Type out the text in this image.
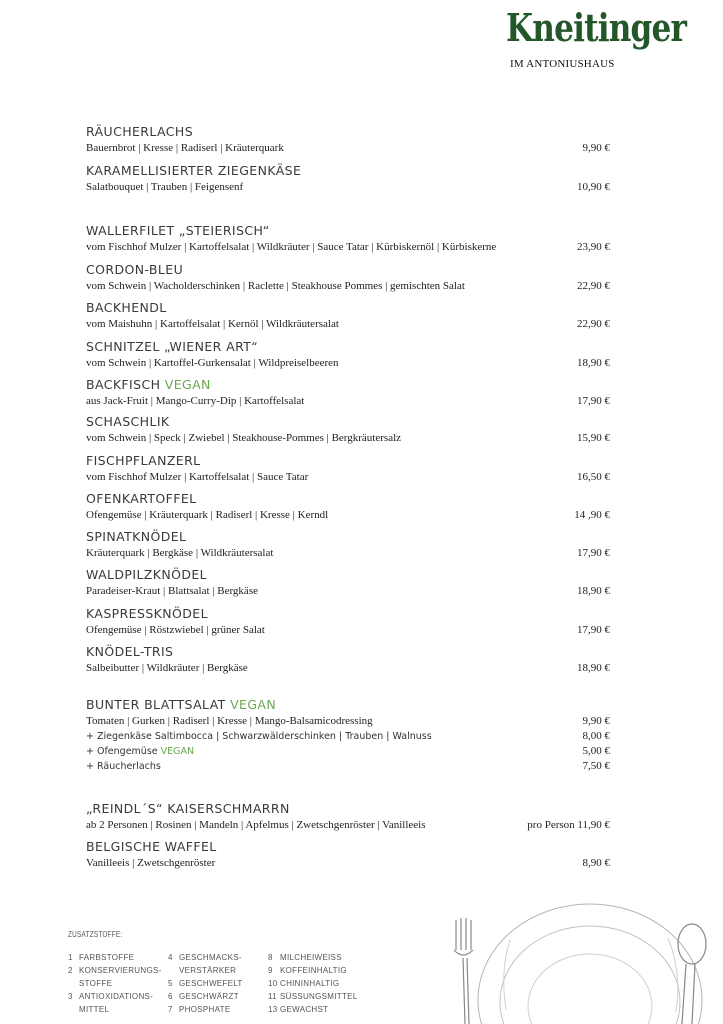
Kneitinger
IM ANTONIUSHAUS
RÄUCHERLACHS
Bauernbrot | Kresse | Radiserl | Kräuterquark	9,90 €
KARAMELLISIERTER ZIEGENKÄSE
Salatbouquet | Trauben | Feigensenf	10,90 €
WALLERFILET „STEIERISCH“
vom Fischhof Mulzer | Kartoffelsalat | Wildkräuter | Sauce Tatar | Kürbiskernöl | Kürbiskerne	23,90 €
CORDON-BLEU
vom Schwein | Wacholderschinken | Raclette | Steakhouse Pommes | gemischten Salat	22,90 €
BACKHENDL
vom Maishuhn | Kartoffelsalat | Kernöl | Wildkräutersalat	22,90 €
SCHNITZEL „WIENER ART“
vom Schwein | Kartoffel-Gurkensalat | Wildpreiselbeeren	18,90 €
BACKFISCH VEGAN
aus Jack-Fruit | Mango-Curry-Dip | Kartoffelsalat	17,90 €
SCHASCHLIK
vom Schwein | Speck | Zwiebel | Steakhouse-Pommes | Bergkräutersalz	15,90 €
FISCHPFLANZERL
vom Fischhof Mulzer | Kartoffelsalat | Sauce Tatar	16,50 €
OFENKARTOFFEL
Ofengemüse | Kräuterquark | Radiserl | Kresse | Kerndl	14 ,90 €
SPINATKNÖDEL
Kräuterquark | Bergkäse | Wildkräutersalat	17,90 €
WALDPILZKNÖDEL
Paradeiser-Kraut | Blattsalat | Bergkäse	18,90 €
KASPRESSKNÖDEL
Ofengemüse | Röstzwiebel | grüner Salat	17,90 €
KNÖDEL-TRIS
Salbeibutter | Wildkräuter | Bergkäse	18,90 €
BUNTER BLATTSALAT VEGAN
Tomaten | Gurken | Radiserl | Kresse | Mango-Balsamicodressing	9,90 €
+ Ziegenkäse Saltimbocca | Schwarzwälderschinken | Trauben | Walnuss	8,00 €
+ Ofengemüse VEGAN	5,00 €
+ Räucherlachs	7,50 €
„REINDL´S“ KAISERSCHMARRN
ab 2 Personen | Rosinen | Mandeln | Apfelmus | Zwetschgenröster | Vanilleeis	pro Person 11,90 €
BELGISCHE WAFFEL
Vanilleeis | Zwetschgenröster	8,90 €
ZUSATZSTOFFE:
1 FARBSTOFFE
2 KONSERVIERUNGS-
STOFFE
3 ANTIOXIDATIONS-
MITTEL
4 GESCHMACKS-
VERSTÄRKER
5 GESCHWEFELT
6 GESCHWÄRZT
7 PHOSPHATE
8 MILCHEIWEISS
9 KOFFEINHALTIG
10 CHININHALTIG
11 SÜSSUNGSMITTEL
13 GEWACHST
